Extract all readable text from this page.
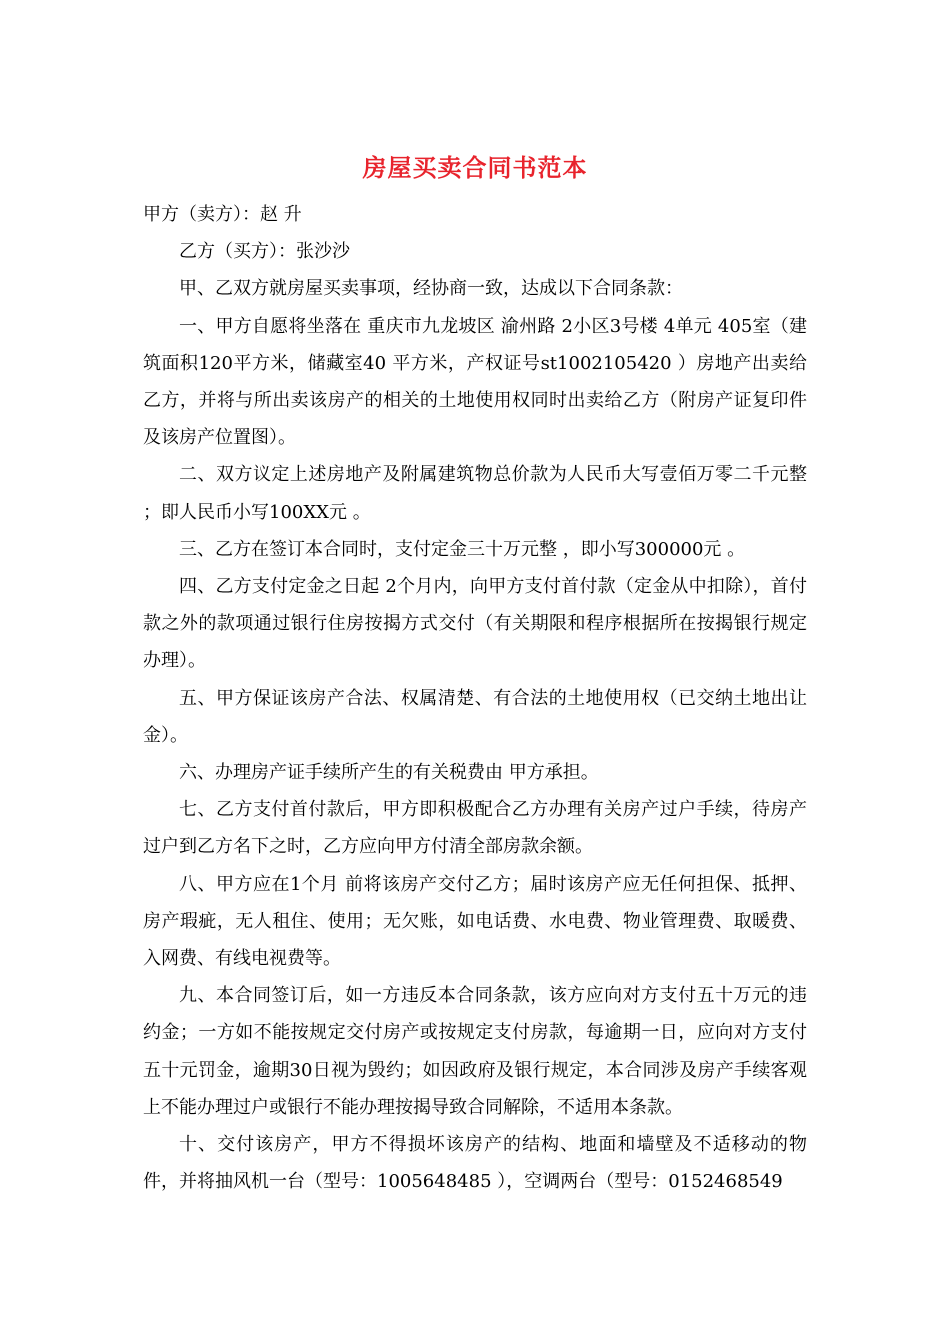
房屋买卖合同书范本

甲方（卖方）：赵 升

乙方（买方）：张沙沙

甲、乙双方就房屋买卖事项，经协商一致，达成以下合同条款：

一、甲方自愿将坐落在 重庆市九龙坡区 渝州路 2小区3号楼 4单元 405室（建筑面积120平方米，储藏室40 平方米，产权证号st1002105420 ）房地产出卖给乙方，并将与所出卖该房产的相关的土地使用权同时出卖给乙方（附房产证复印件及该房产位置图）。

二、双方议定上述房地产及附属建筑物总价款为人民币大写壹佰万零二千元整 ；即人民币小写100XX元 。

三、乙方在签订本合同时，支付定金三十万元整 ，即小写300000元 。

四、乙方支付定金之日起 2个月内，向甲方支付首付款（定金从中扣除），首付款之外的款项通过银行住房按揭方式交付（有关期限和程序根据所在按揭银行规定办理）。

五、甲方保证该房产合法、权属清楚、有合法的土地使用权（已交纳土地出让金）。

六、办理房产证手续所产生的有关税费由 甲方承担。

七、乙方支付首付款后，甲方即积极配合乙方办理有关房产过户手续，待房产过户到乙方名下之时，乙方应向甲方付清全部房款余额。

八、甲方应在1个月 前将该房产交付乙方；届时该房产应无任何担保、抵押、房产瑕疵，无人租住、使用；无欠账，如电话费、水电费、物业管理费、取暖费、入网费、有线电视费等。

九、本合同签订后，如一方违反本合同条款，该方应向对方支付五十万元的违约金；一方如不能按规定交付房产或按规定支付房款，每逾期一日，应向对方支付五十元罚金，逾期30日视为毁约；如因政府及银行规定，本合同涉及房产手续客观上不能办理过户或银行不能办理按揭导致合同解除，不适用本条款。

十、交付该房产，甲方不得损坏该房产的结构、地面和墙壁及不适移动的物件，并将抽风机一台（型号：1005648485 ），空调两台（型号：0152468549
